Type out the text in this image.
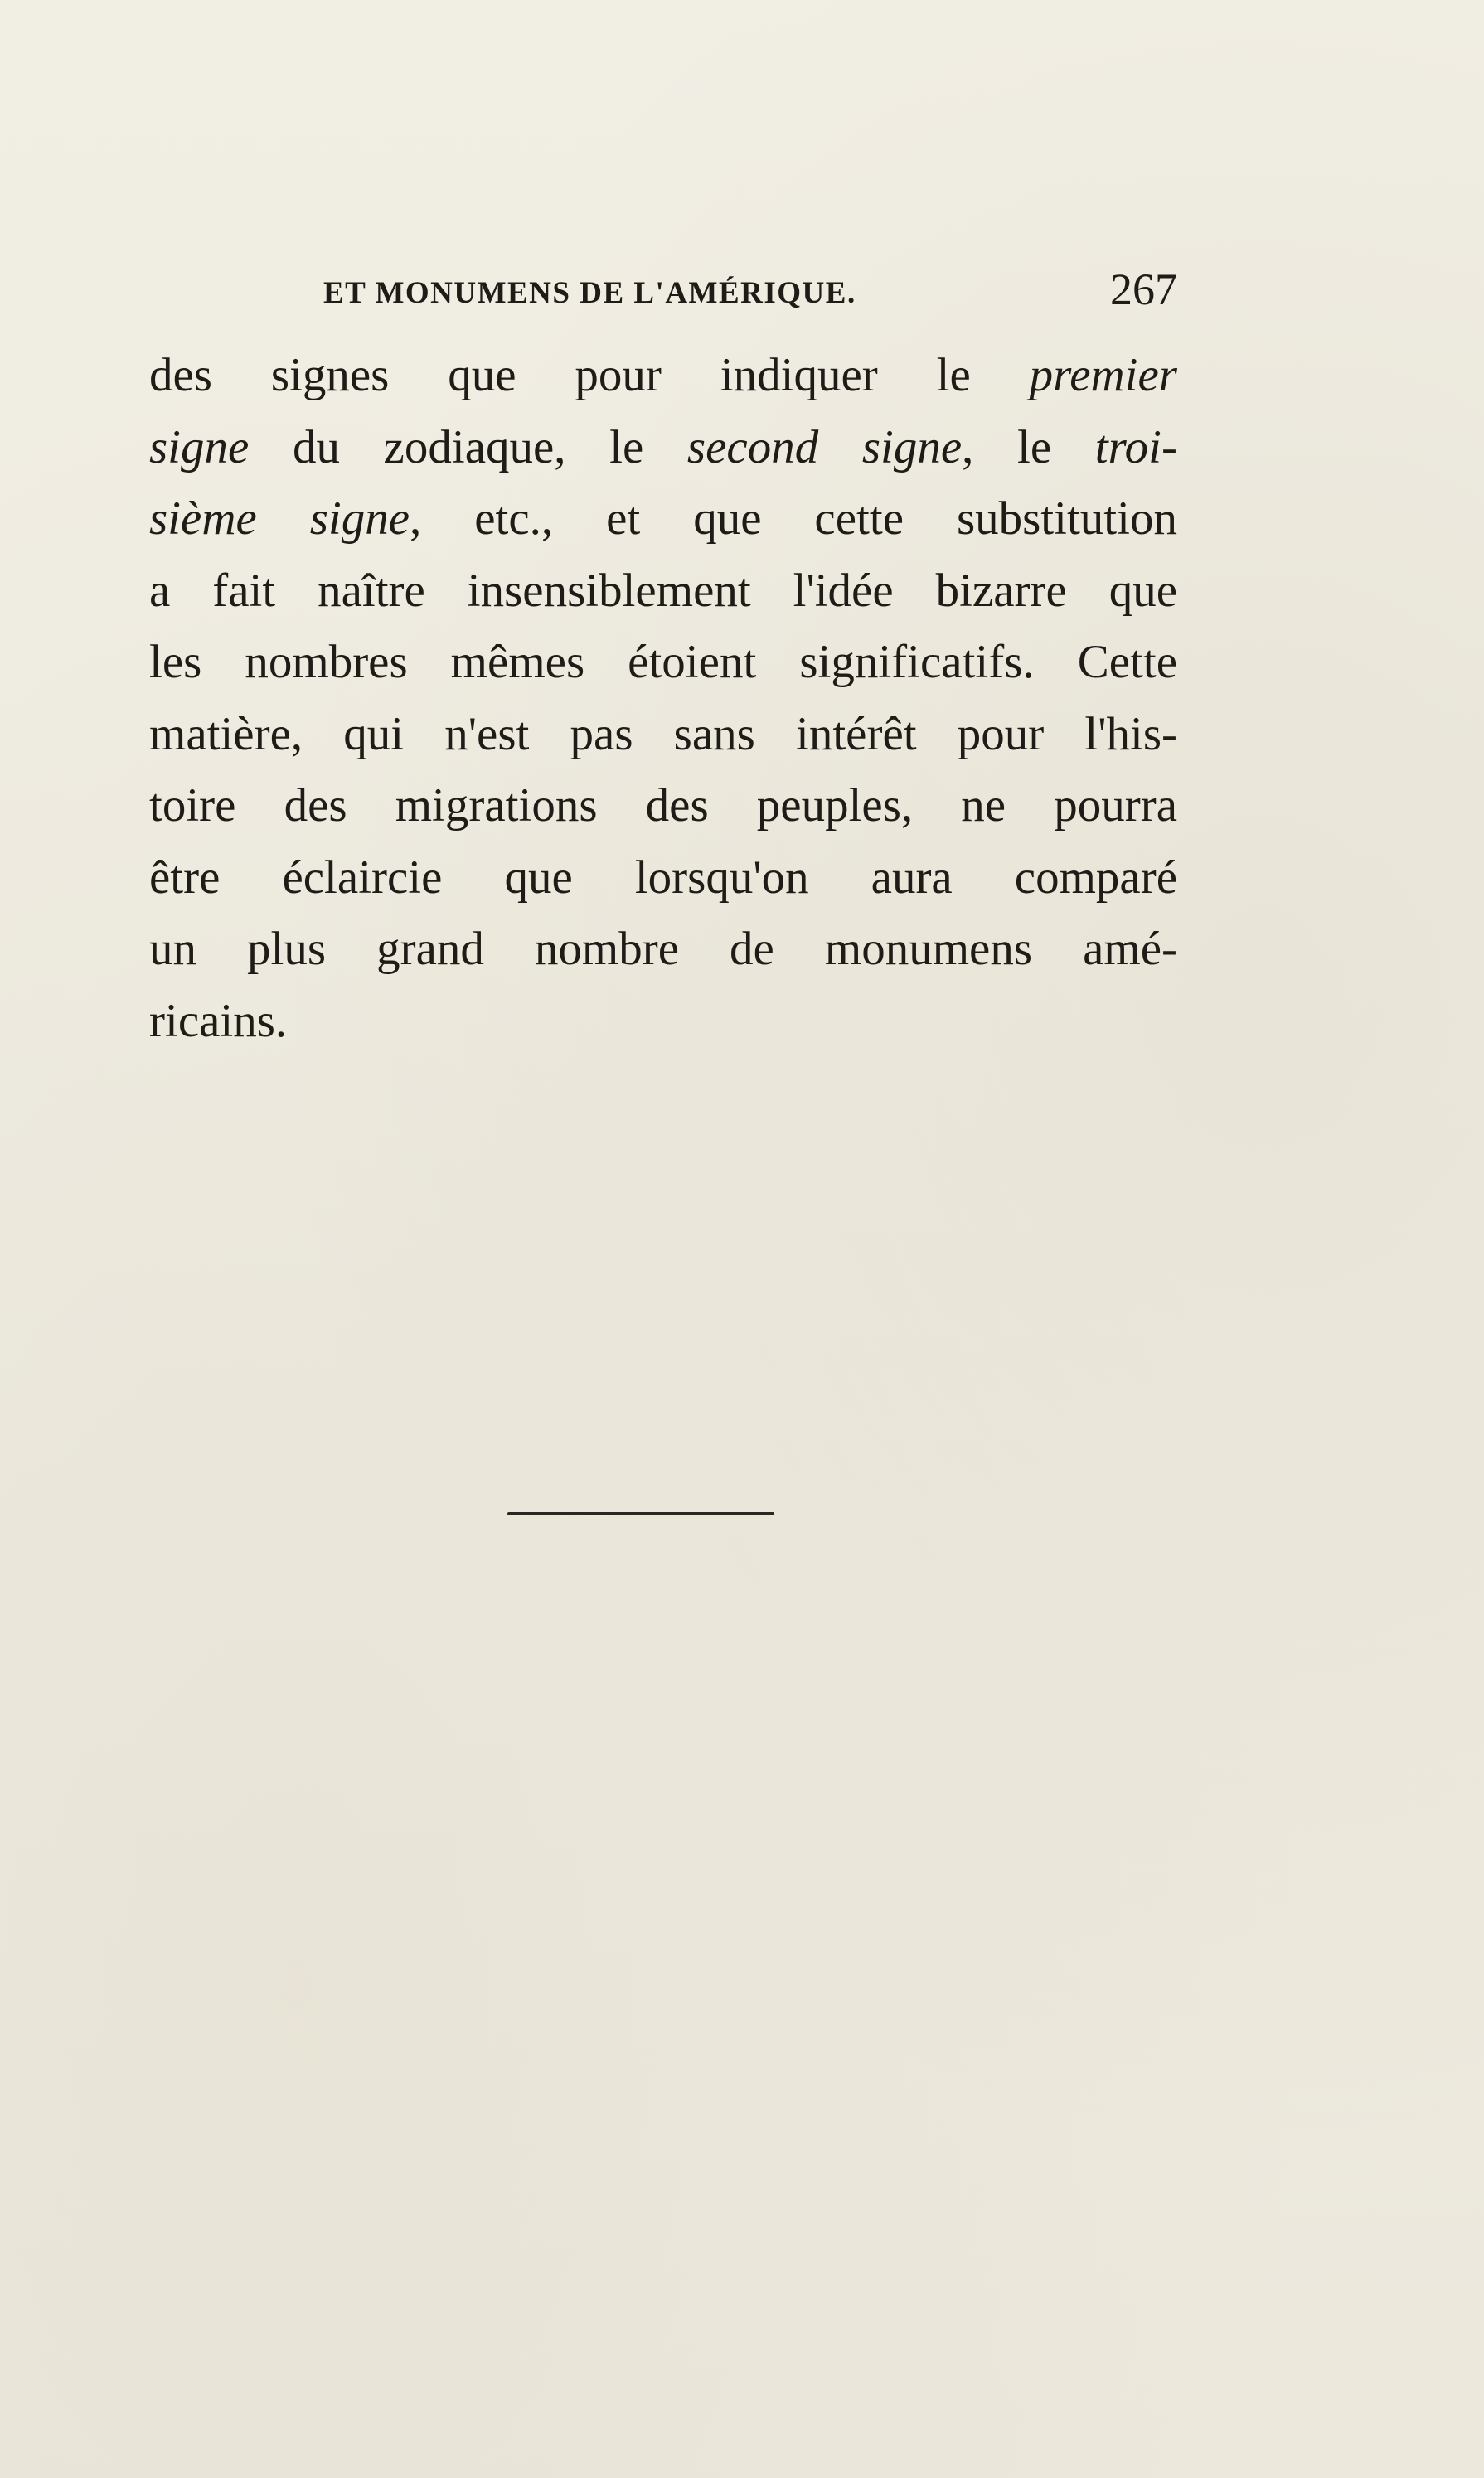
ET MONUMENS DE L'AMÉRIQUE.	267
des signes que pour indiquer le premier
signe du zodiaque, le second signe, le troi-
sième signe, etc., et que cette substitution
a fait naître insensiblement l'idée bizarre que
les nombres mêmes étoient significatifs. Cette
matière, qui n'est pas sans intérêt pour l'his-
toire des migrations des peuples, ne pourra
être éclaircie que lorsqu'on aura comparé
un plus grand nombre de monumens amé-
ricains.
